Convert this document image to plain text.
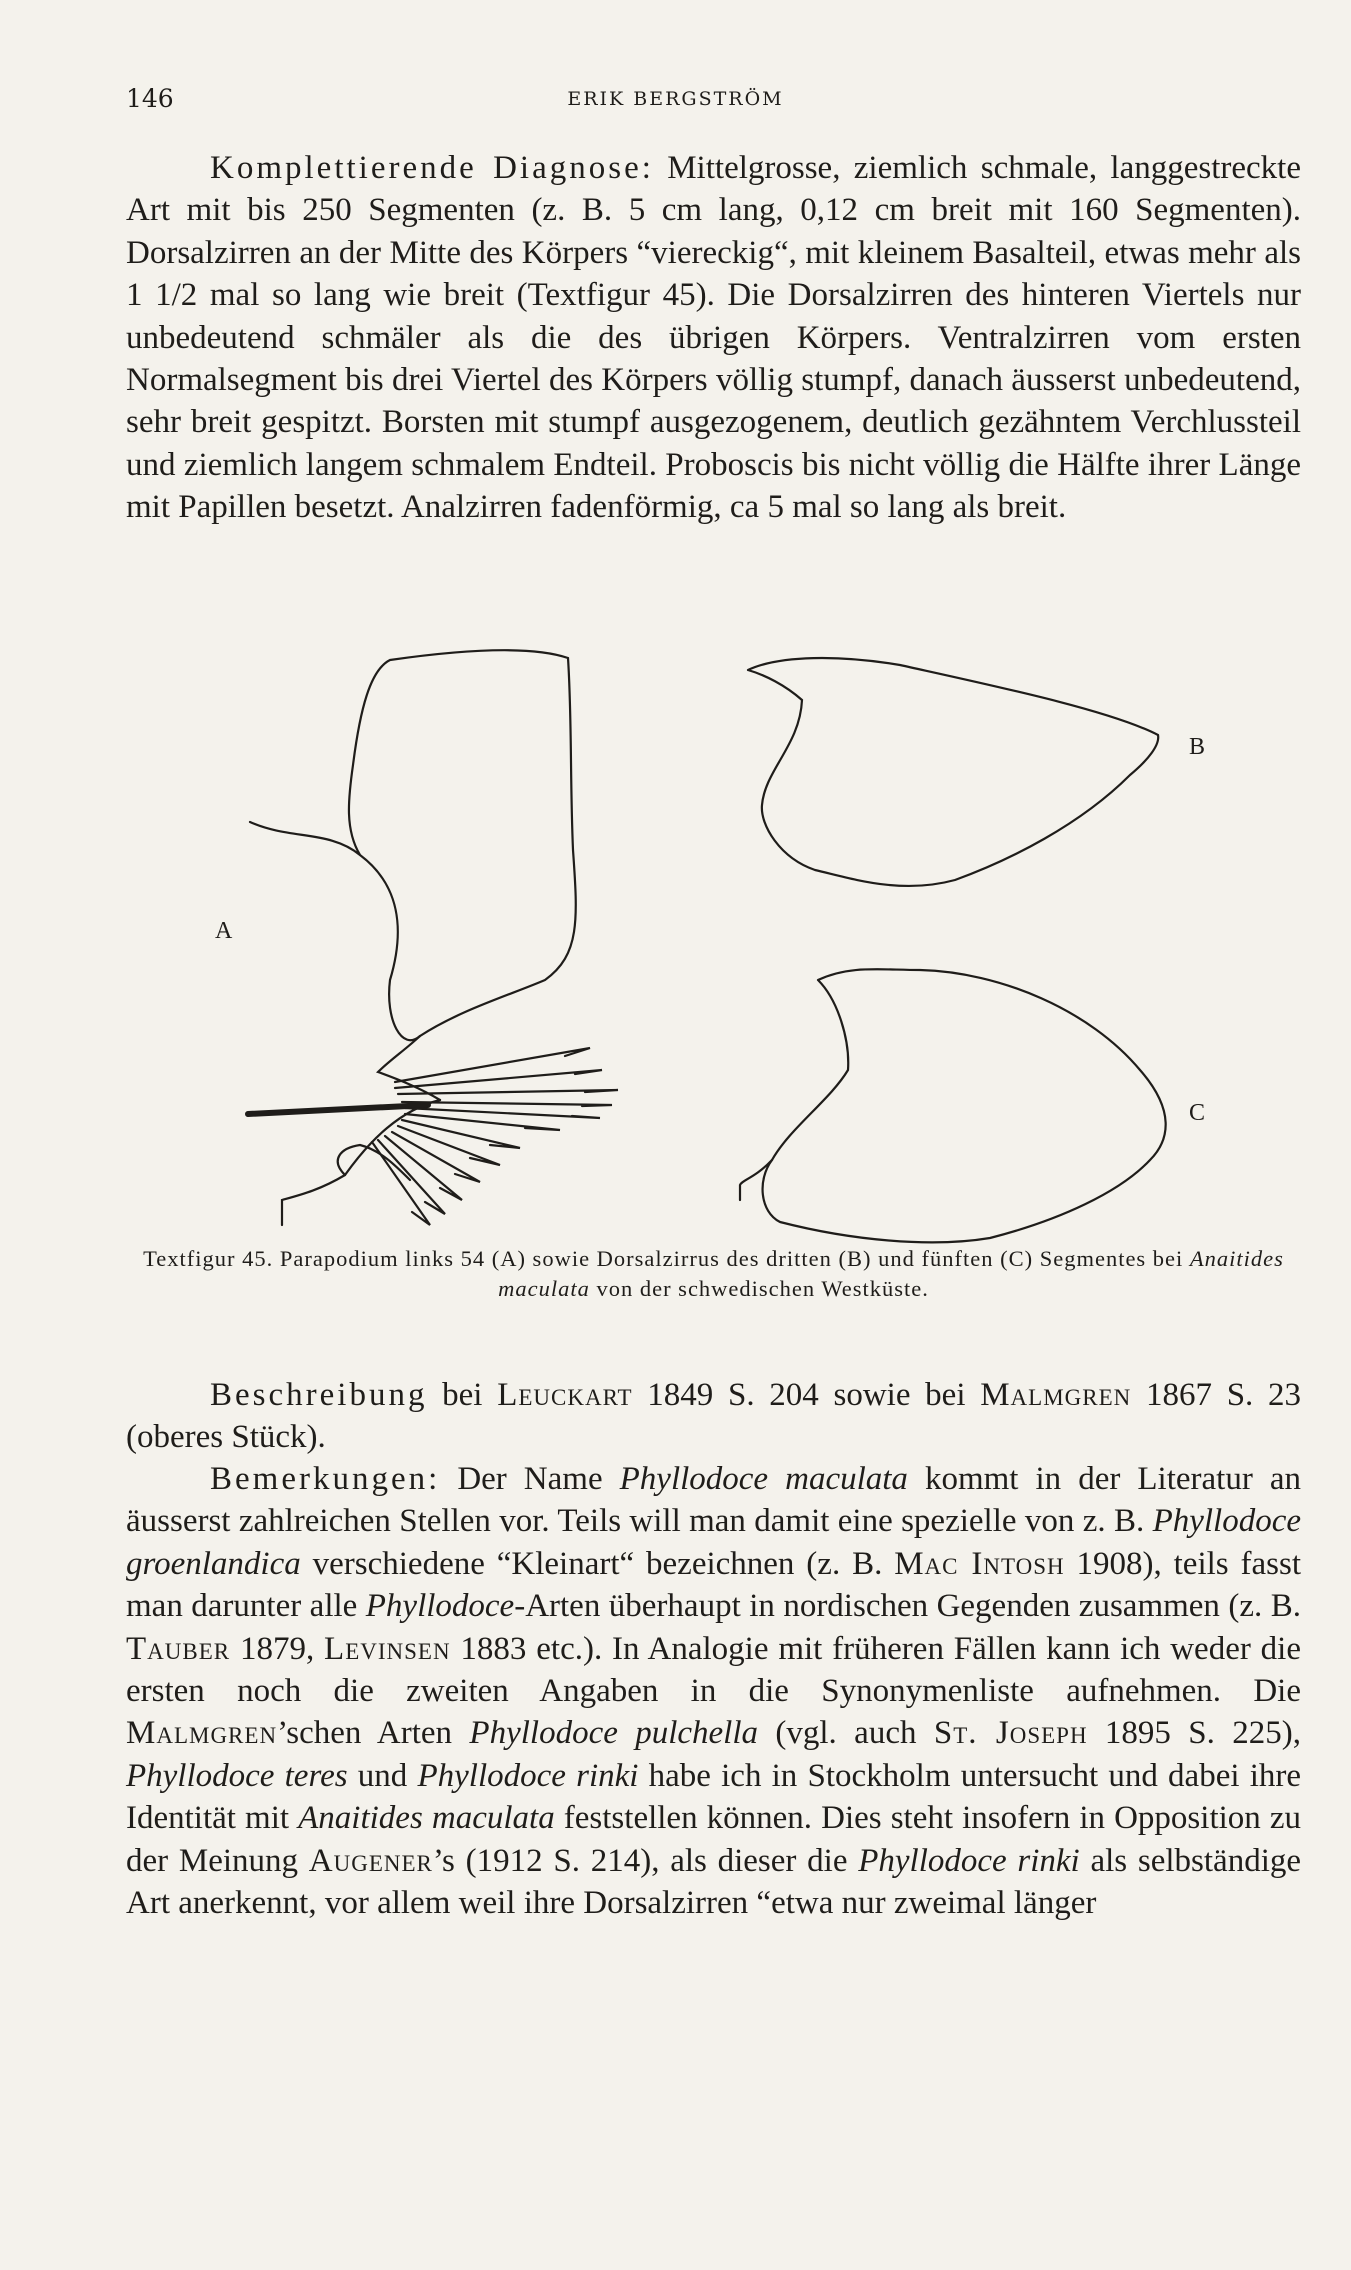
146	ERIK BERGSTRÖM
Komplettierende Diagnose: Mittelgrosse, ziemlich schmale, langgestreckte Art mit bis 250 Segmenten (z. B. 5 cm lang, 0,12 cm breit mit 160 Segmenten). Dorsalzirren an der Mitte des Körpers “viereckig“, mit kleinem Basalteil, etwas mehr als 1 1/2 mal so lang wie breit (Textfigur 45). Die Dorsalzirren des hinteren Viertels nur unbedeutend schmäler als die des übrigen Körpers. Ventralzirren vom ersten Normalsegment bis drei Viertel des Körpers völlig stumpf, danach äusserst unbedeutend, sehr breit gespitzt. Borsten mit stumpf ausgezogenem, deutlich gezähntem Verchlussteil und ziemlich langem schmalem Endteil. Proboscis bis nicht völlig die Hälfte ihrer Länge mit Papillen besetzt. Analzirren fadenförmig, ca 5 mal so lang als breit.
A
B
C
Textfigur 45. Parapodium links 54 (A) sowie Dorsalzirrus des dritten (B) und fünften (C) Segmentes bei Anaitides maculata von der schwedischen Westküste.
Beschreibung bei Leuckart 1849 S. 204 sowie bei Malmgren 1867 S. 23 (oberes Stück).
Bemerkungen: Der Name Phyllodoce maculata kommt in der Literatur an äusserst zahlreichen Stellen vor. Teils will man damit eine spezielle von z. B. Phyllodoce groenlandica verschiedene “Kleinart“ bezeichnen (z. B. Mac Intosh 1908), teils fasst man darunter alle Phyllodoce-Arten überhaupt in nordischen Gegenden zusammen (z. B. Tauber 1879, Levinsen 1883 etc.). In Analogie mit früheren Fällen kann ich weder die ersten noch die zweiten Angaben in die Synonymenliste aufnehmen. Die Malmgren’schen Arten Phyllodoce pulchella (vgl. auch St. Joseph 1895 S. 225), Phyllodoce teres und Phyllodoce rinki habe ich in Stockholm untersucht und dabei ihre Identität mit Anaitides maculata feststellen können. Dies steht insofern in Opposition zu der Meinung Augener’s (1912 S. 214), als dieser die Phyllodoce rinki als selbständige Art anerkennt, vor allem weil ihre Dorsalzirren “etwa nur zweimal länger
